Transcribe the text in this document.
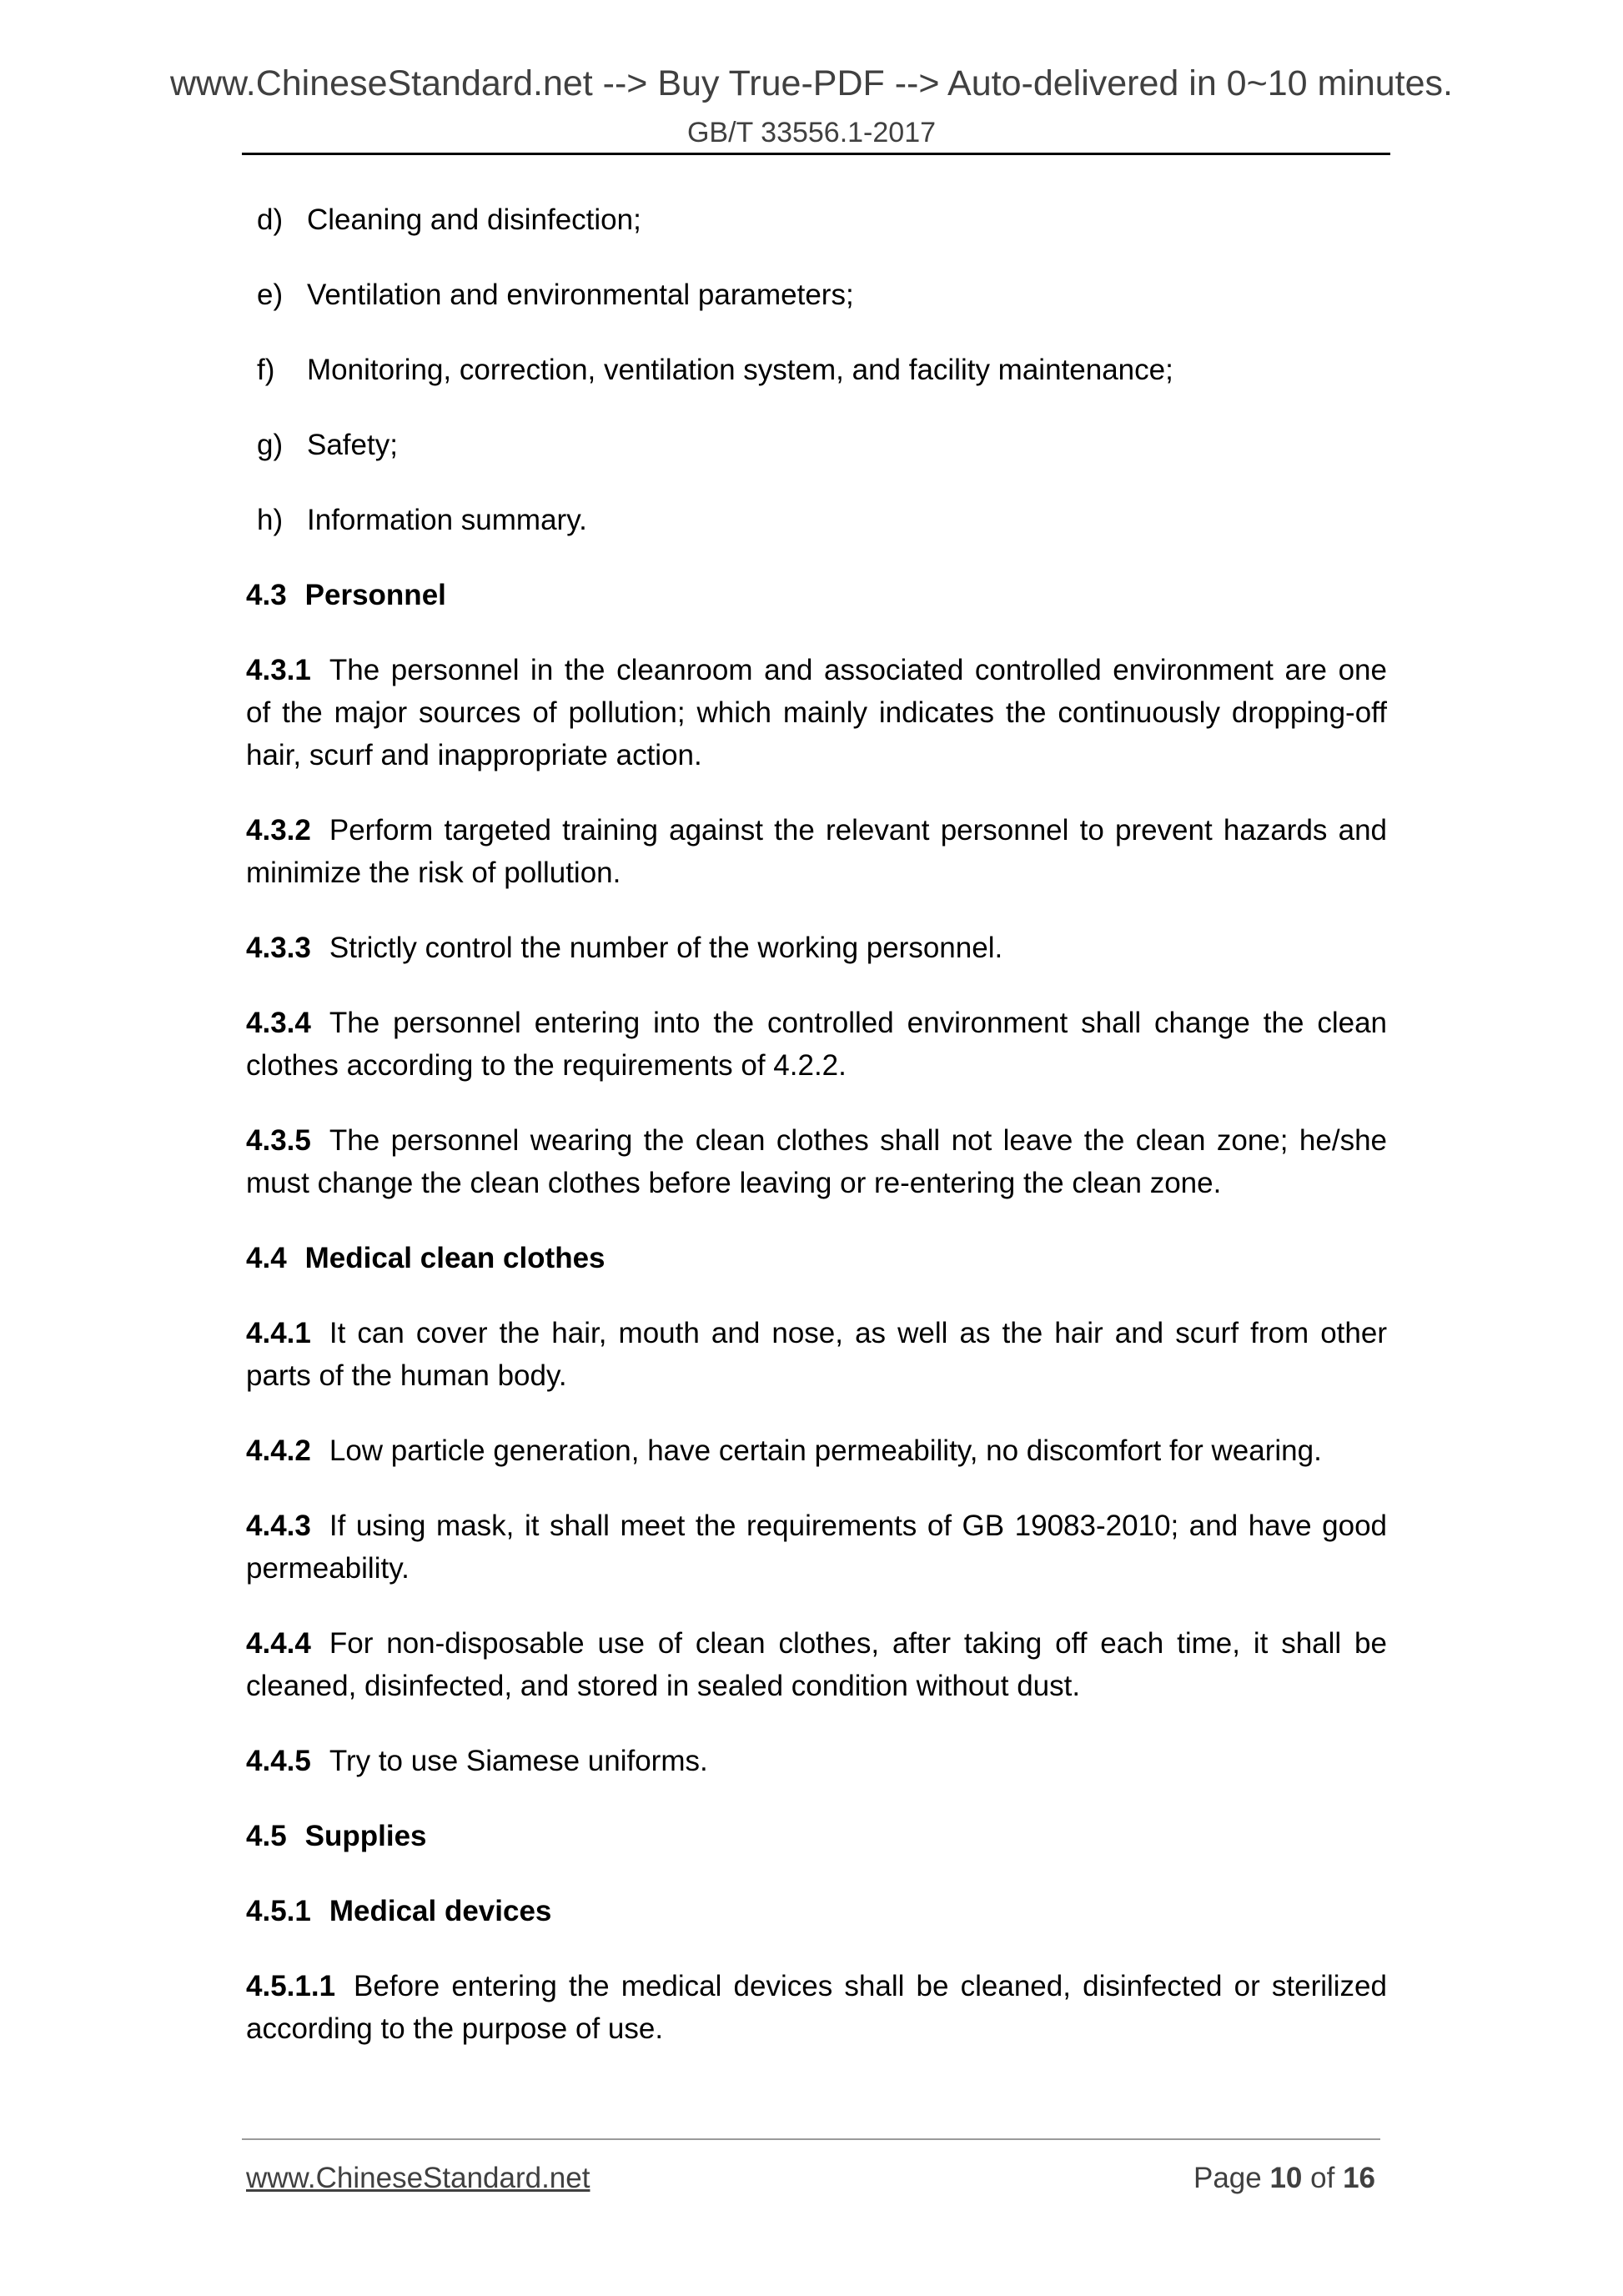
www.ChineseStandard.net --> Buy True-PDF --> Auto-delivered in 0~10 minutes.
GB/T 33556.1-2017
d) Cleaning and disinfection;
e) Ventilation and environmental parameters;
f)	Monitoring, correction, ventilation system, and facility maintenance;
g) Safety;
h) Information summary.

4.3 Personnel

4.3.1 The personnel in the cleanroom and associated controlled environment are one of the major sources of pollution; which mainly indicates the continuously dropping-off hair, scurf and inappropriate action.

4.3.2 Perform targeted training against the relevant personnel to prevent hazards and minimize the risk of pollution.

4.3.3 Strictly control the number of the working personnel.

4.3.4 The personnel entering into the controlled environment shall change the clean clothes according to the requirements of 4.2.2.

4.3.5 The personnel wearing the clean clothes shall not leave the clean zone; he/she must change the clean clothes before leaving or re-entering the clean zone.

4.4 Medical clean clothes

4.4.1 It can cover the hair, mouth and nose, as well as the hair and scurf from other parts of the human body.

4.4.2 Low particle generation, have certain permeability, no discomfort for wearing.

4.4.3 If using mask, it shall meet the requirements of GB 19083-2010; and have good permeability.

4.4.4 For non-disposable use of clean clothes, after taking off each time, it shall be cleaned, disinfected, and stored in sealed condition without dust.

4.4.5 Try to use Siamese uniforms.

4.5 Supplies

4.5.1 Medical devices

4.5.1.1 Before entering the medical devices shall be cleaned, disinfected or sterilized according to the purpose of use.

www.ChineseStandard.net	Page 10 of 16
